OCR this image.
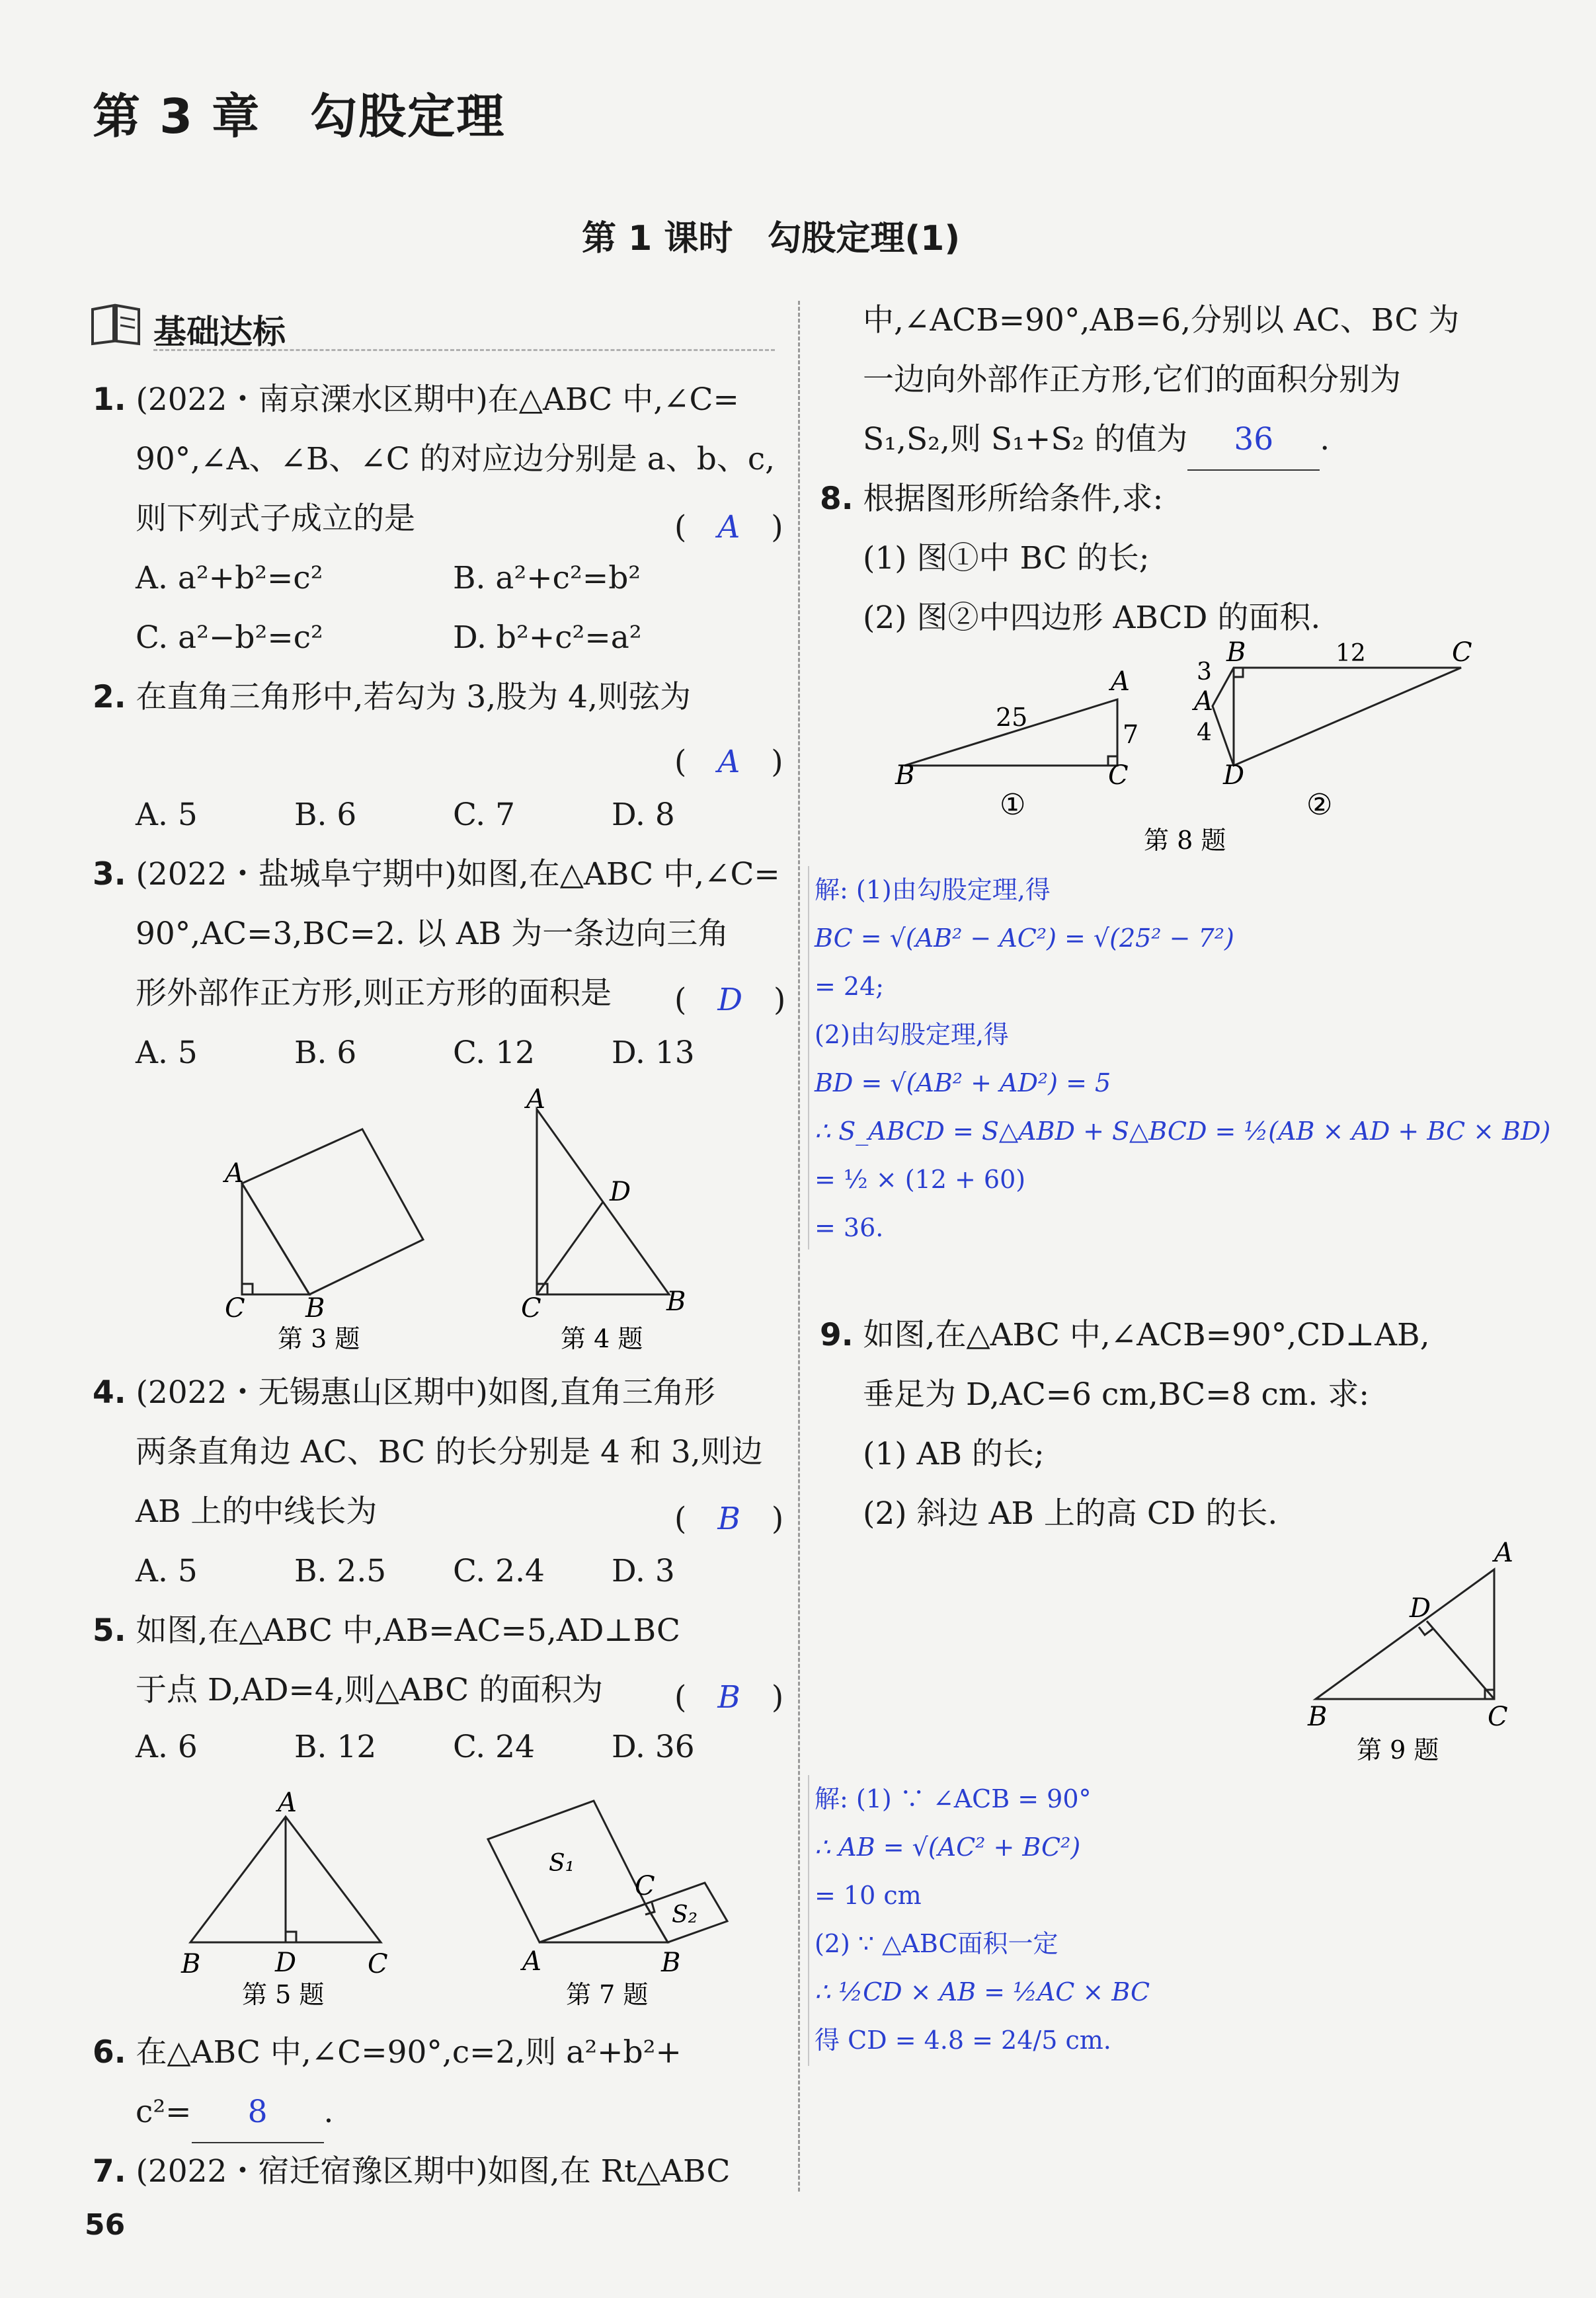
第 3 章　勾股定理
第 1 课时　勾股定理(1)
基础达标
1. (2022・南京溧水区期中)在△ABC 中,∠C=
90°,∠A、∠B、∠C 的对应边分别是 a、b、c,
则下列式子成立的是	(　A　)
A. a²+b²=c²	B. a²+c²=b²
C. a²−b²=c²	D. b²+c²=a²
2. 在直角三角形中,若勾为 3,股为 4,则弦为
(　A　)
A. 5	B. 6	C. 7	D. 8
3. (2022・盐城阜宁期中)如图,在△ABC 中,∠C=
90°,AC=3,BC=2. 以 AB 为一条边向三角
形外部作正方形,则正方形的面积是 (　D　)
A. 5	B. 6	C. 12 D. 13
A
C B
第 3 题
A
D
C	B
第 4 题
4. (2022・无锡惠山区期中)如图,直角三角形
两条直角边 AC、BC 的长分别是 4 和 3,则边
AB 上的中线长为	(　B　)
A. 5	B. 2.5 C. 2.4 D. 3
5. 如图,在△ABC 中,AB=AC=5,AD⊥BC
于点 D,AD=4,则△ABC 的面积为 (　B　)
A. 6	B. 12 C. 24 D. 36
A
B	D	C
第 5 题
S₁
C
S₂
A	B
第 7 题
6. 在△ABC 中,∠C=90°,c=2,则 a²+b²+
c²= 8 .
7. (2022・宿迁宿豫区期中)如图,在 Rt△ABC
中,∠ACB=90°,AB=6,分别以 AC、BC 为
一边向外部作正方形,它们的面积分别为
S₁,S₂,则 S₁+S₂ 的值为 36 .
8. 根据图形所给条件,求:
(1) 图①中 BC 的长;
(2) 图②中四边形 ABCD 的面积.
B
A
C
25
7
B	C
A
D
3
4
12
①	②
第 8 题
解: (1)由勾股定理,得
BC = √(AB² − AC²) = √(25² − 7²)
= 24;
(2)由勾股定理,得
BD = √(AB² + AD²) = 5
∴ S_ABCD = S△ABD + S△BCD = ½(AB × AD + BC × BD)
= ½ × (12 + 60)
= 36.
9. 如图,在△ABC 中,∠ACB=90°,CD⊥AB,
垂足为 D,AC=6 cm,BC=8 cm. 求:
(1) AB 的长;
(2) 斜边 AB 上的高 CD 的长.
A
D
B	C
第 9 题
解: (1) ∵ ∠ACB = 90°
∴ AB = √(AC² + BC²)
= 10 cm
(2) ∵ △ABC面积一定
∴ ½CD × AB = ½AC × BC
得 CD = 4.8 = 24/5 cm.
56
